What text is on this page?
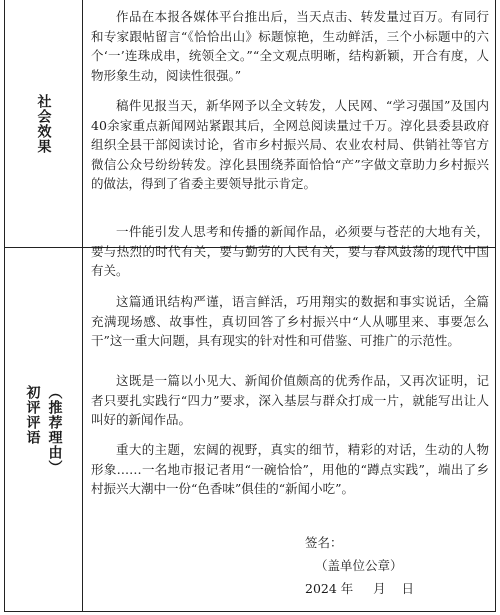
社会效果

作品在本报各媒体平台推出后，当天点击、转发量过百万。有同行和专家跟帖留言“《恰恰出山》标题惊艳，生动鲜活，三个小标题中的六个‘一’连珠成串，统领全文。”“全文观点明晰，结构新颖，开合有度，人物形象生动，阅读性很强。”

稿件见报当天，新华网予以全文转发，人民网、“学习强国”及国内40余家重点新闻网站紧跟其后，全网总阅读量过千万。淳化县委县政府组织全县干部阅读讨论，省市乡村振兴局、农业农村局、供销社等官方微信公众号纷纷转发。淳化县围绕荞面恰恰“产”字做文章助力乡村振兴的做法，得到了省委主要领导批示肯定。

（推荐理由）
初评评语

一件能引发人思考和传播的新闻作品，必须要与苍茫的大地有关，要与热烈的时代有关，要与勤劳的人民有关，要与春风鼓荡的现代中国有关。

这篇通讯结构严谨，语言鲜活，巧用翔实的数据和事实说话，全篇充满现场感、故事性，真切回答了乡村振兴中“人从哪里来、事要怎么干”这一重大问题，具有现实的针对性和可借鉴、可推广的示范性。

这既是一篇以小见大、新闻价值颇高的优秀作品，又再次证明，记者只要扎实践行“四力”要求，深入基层与群众打成一片，就能写出让人叫好的新闻作品。

重大的主题，宏阔的视野，真实的细节，精彩的对话，生动的人物形象……一名地市报记者用“一碗恰恰”，用他的“蹲点实践”，端出了乡村振兴大潮中一份“色香味”俱佳的“新闻小吃”。

签名：
（盖单位公章）
2024 年     月    日
